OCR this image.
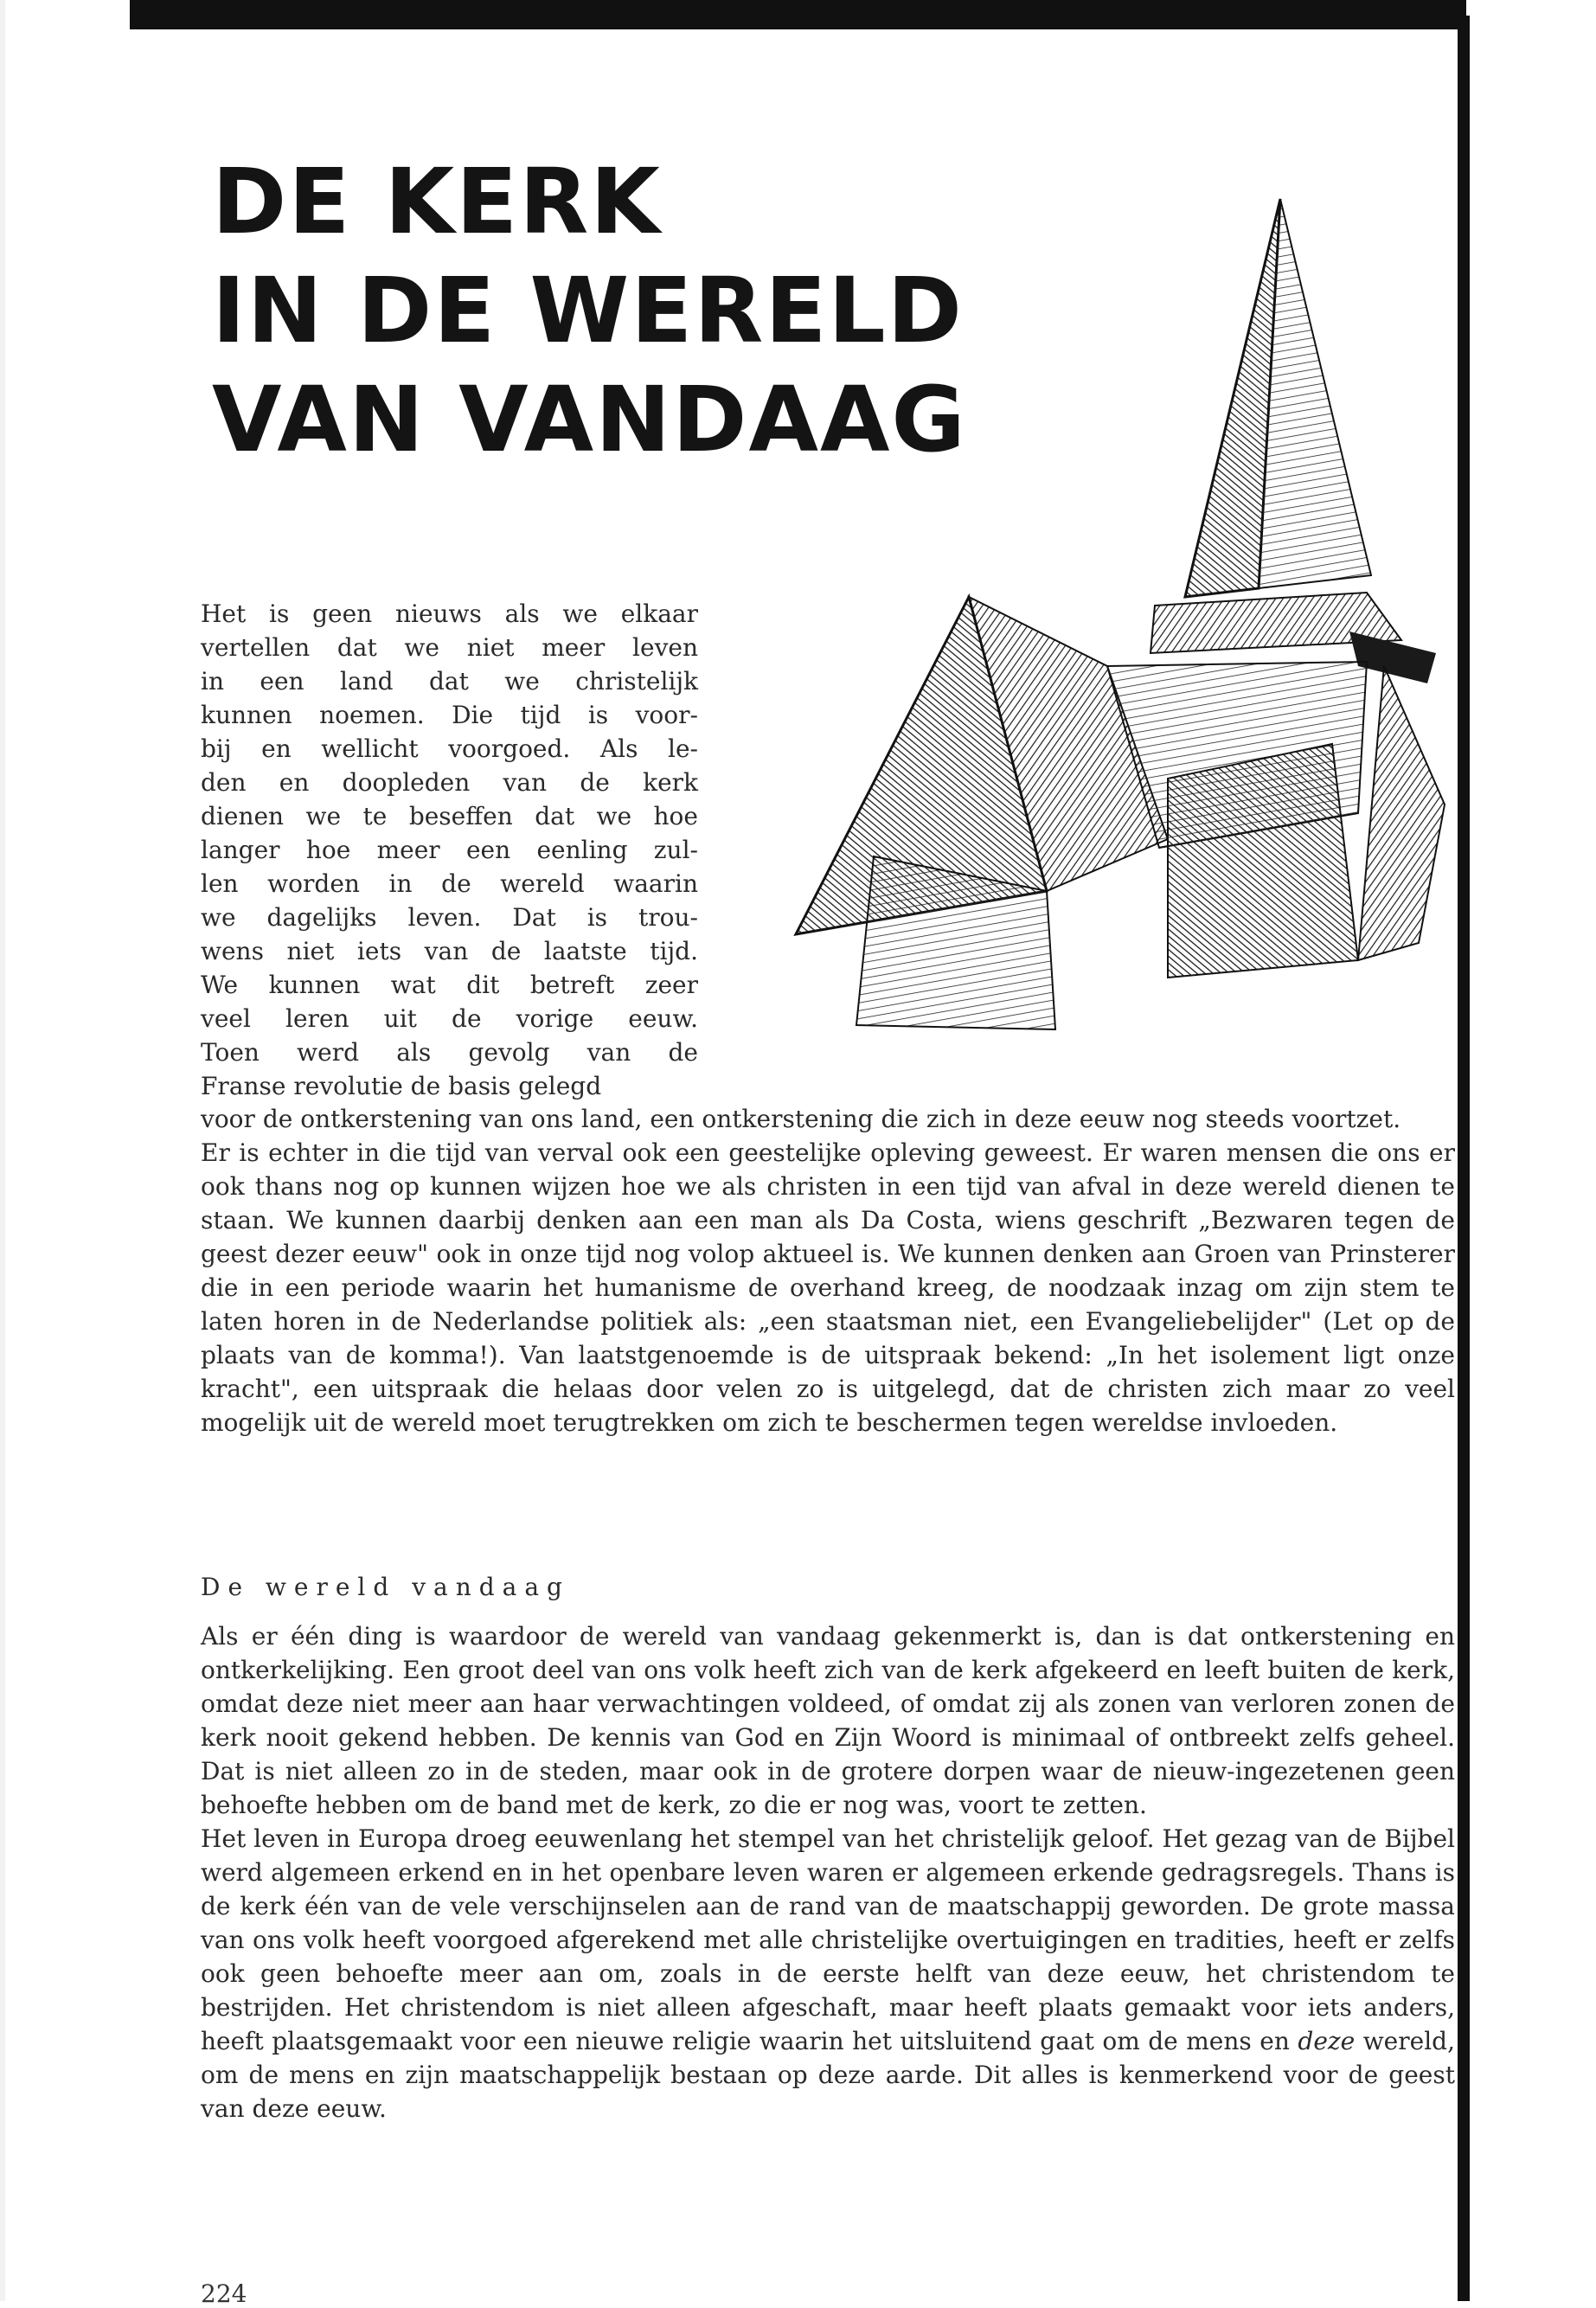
DE KERK
IN DE WERELD
VAN VANDAAG
Het is geen nieuws als we elkaar
vertellen dat we niet meer leven
in een land dat we christelijk
kunnen noemen. Die tijd is voor-
bij en wellicht voorgoed. Als le-
den en doopleden van de kerk
dienen we te beseffen dat we hoe
langer hoe meer een eenling zul-
len worden in de wereld waarin
we dagelijks leven. Dat is trou-
wens niet iets van de laatste tijd.
We kunnen wat dit betreft zeer
veel leren uit de vorige eeuw.
Toen werd als gevolg van de
Franse revolutie de basis gelegd

voor de ontkerstening van ons land, een ontkerstening die zich in deze eeuw nog steeds voortzet.

Er is echter in die tijd van verval ook een geestelijke opleving geweest. Er waren mensen die ons er ook thans nog op kunnen wijzen hoe we als christen in een tijd van afval in deze wereld dienen te staan. We kunnen daarbij denken aan een man als Da Costa, wiens geschrift „Bezwaren tegen de geest dezer eeuw" ook in onze tijd nog volop aktueel is. We kunnen denken aan Groen van Prinsterer die in een periode waarin het humanisme de overhand kreeg, de noodzaak inzag om zijn stem te laten horen in de Nederlandse politiek als: „een staatsman niet, een Evangeliebelijder" (Let op de plaats van de komma!). Van laatstgenoemde is de uitspraak bekend: „In het isolement ligt onze kracht", een uitspraak die helaas door velen zo is uitgelegd, dat de christen zich maar zo veel mogelijk uit de wereld moet terugtrekken om zich te beschermen tegen wereldse invloeden.

De wereld vandaag

Als er één ding is waardoor de wereld van vandaag gekenmerkt is, dan is dat ontkerstening en ontkerkelijking. Een groot deel van ons volk heeft zich van de kerk afgekeerd en leeft buiten de kerk, omdat deze niet meer aan haar verwachtingen voldeed, of omdat zij als zonen van verloren zonen de kerk nooit gekend hebben. De kennis van God en Zijn Woord is minimaal of ontbreekt zelfs geheel. Dat is niet alleen zo in de steden, maar ook in de grotere dorpen waar de nieuw-ingezetenen geen behoefte hebben om de band met de kerk, zo die er nog was, voort te zetten.

Het leven in Europa droeg eeuwenlang het stempel van het christelijk geloof. Het gezag van de Bijbel werd algemeen erkend en in het openbare leven waren er algemeen erkende gedragsregels. Thans is de kerk één van de vele verschijnselen aan de rand van de maatschappij geworden. De grote massa van ons volk heeft voorgoed afgerekend met alle christelijke overtuigingen en tradities, heeft er zelfs ook geen behoefte meer aan om, zoals in de eerste helft van deze eeuw, het christendom te bestrijden. Het christendom is niet alleen afgeschaft, maar heeft plaats gemaakt voor iets anders, heeft plaatsgemaakt voor een nieuwe religie waarin het uitsluitend gaat om de mens en deze wereld, om de mens en zijn maatschappelijk bestaan op deze aarde. Dit alles is kenmerkend voor de geest van deze eeuw.

224
